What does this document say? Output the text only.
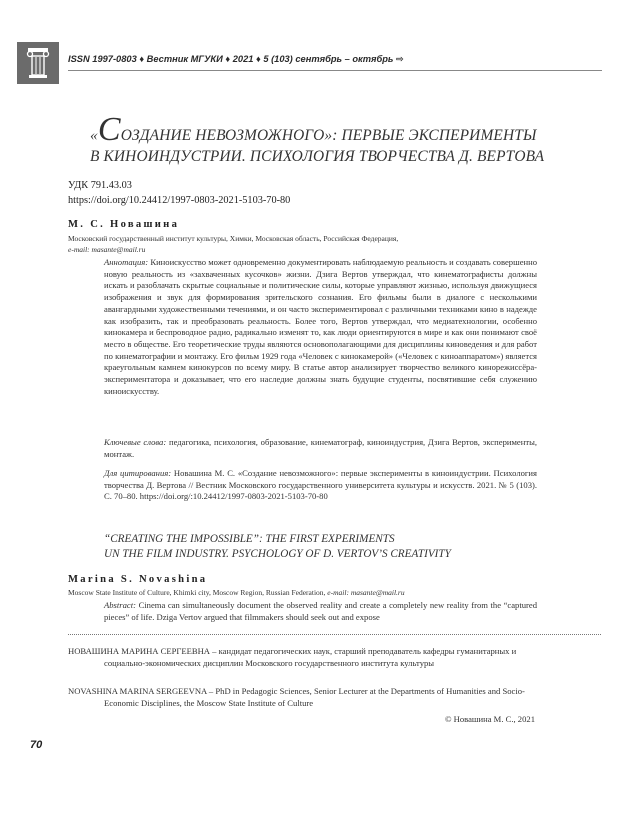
ISSN 1997-0803 ♦ Вестник МГУКИ ♦ 2021 ♦ 5 (103) сентябрь – октябрь ⇨
«СОЗДАНИЕ НЕВОЗМОЖНОГО»: ПЕРВЫЕ ЭКСПЕРИМЕНТЫ
В КИНОИНДУСТРИИ. ПСИХОЛОГИЯ ТВОРЧЕСТВА Д. ВЕРТОВА
УДК 791.43.03
https://doi.org/10.24412/1997-0803-2021-5103-70-80
М. С. Новашина
Московский государственный институт культуры, Химки, Московская область, Российская Федерация,
e-mail: masante@mail.ru
Аннотация: Киноискусство может одновременно документировать наблюдаемую реальность и создавать совершенно новую реальность из «захваченных кусочков» жизни. Дзига Вертов утверждал, что кинематографисты должны искать и разоблачать скрытые социальные и политические силы, которые управляют жизнью, используя движущиеся изображения и звук для формирования зрительского сознания. Его фильмы были в диалоге с несколькими авангардными художественными течениями, и он часто экспериментировал с различными техниками кино в надежде как изобразить, так и преобразовать реальность. Более того, Вертов утверждал, что медиатехнологии, особенно кинокамера и беспроводное радио, радикально изменят то, как люди ориентируются в мире и как они понимают своё место в обществе. Его теоретические труды являются основополагающими для дисциплины киноведения и для работ по кинематографии и монтажу. Его фильм 1929 года «Человек с кинокамерой» («Человек с киноаппаратом») является краеугольным камнем кинокурсов по всему миру. В статье автор анализирует творчество великого кинорежиссёра-экспериментатора и доказывает, что его наследие должны знать будущие студенты, посвятившие себя служению киноискусству.
Ключевые слова: педагогика, психология, образование, кинематограф, киноиндустрия, Дзига Вертов, эксперименты, монтаж.
Для цитирования: Новашина М. С. «Создание невозможного»: первые эксперименты в киноиндустрии. Психология творчества Д. Вертова // Вестник Московского государственного университета культуры и искусств. 2021. № 5 (103). С. 70–80. https://doi.org/:10.24412/1997-0803-2021-5103-70-80
“CREATING THE IMPOSSIBLE”: THE FIRST EXPERIMENTS
UN THE FILM INDUSTRY. PSYCHOLOGY OF D. VERTOV’S CREATIVITY
Marina S. Novashina
Moscow State Institute of Culture, Khimki city, Moscow Region, Russian Federation, e-mail: masante@mail.ru
Abstract: Cinema can simultaneously document the observed reality and create a completely new reality from the “captured pieces” of life. Dziga Vertov argued that filmmakers should seek out and expose
НОВАШИНА МАРИНА СЕРГЕЕВНА – кандидат педагогических наук, старший преподаватель кафедры гуманитарных и социально-экономических дисциплин Московского государственного института культуры
NOVASHINA MARINA SERGEEVNA – PhD in Pedagogic Sciences, Senior Lecturer at the Departments of Humanities and Socio-Economic Disciplines, the Moscow State Institute of Culture
© Новашина М. С., 2021
70
